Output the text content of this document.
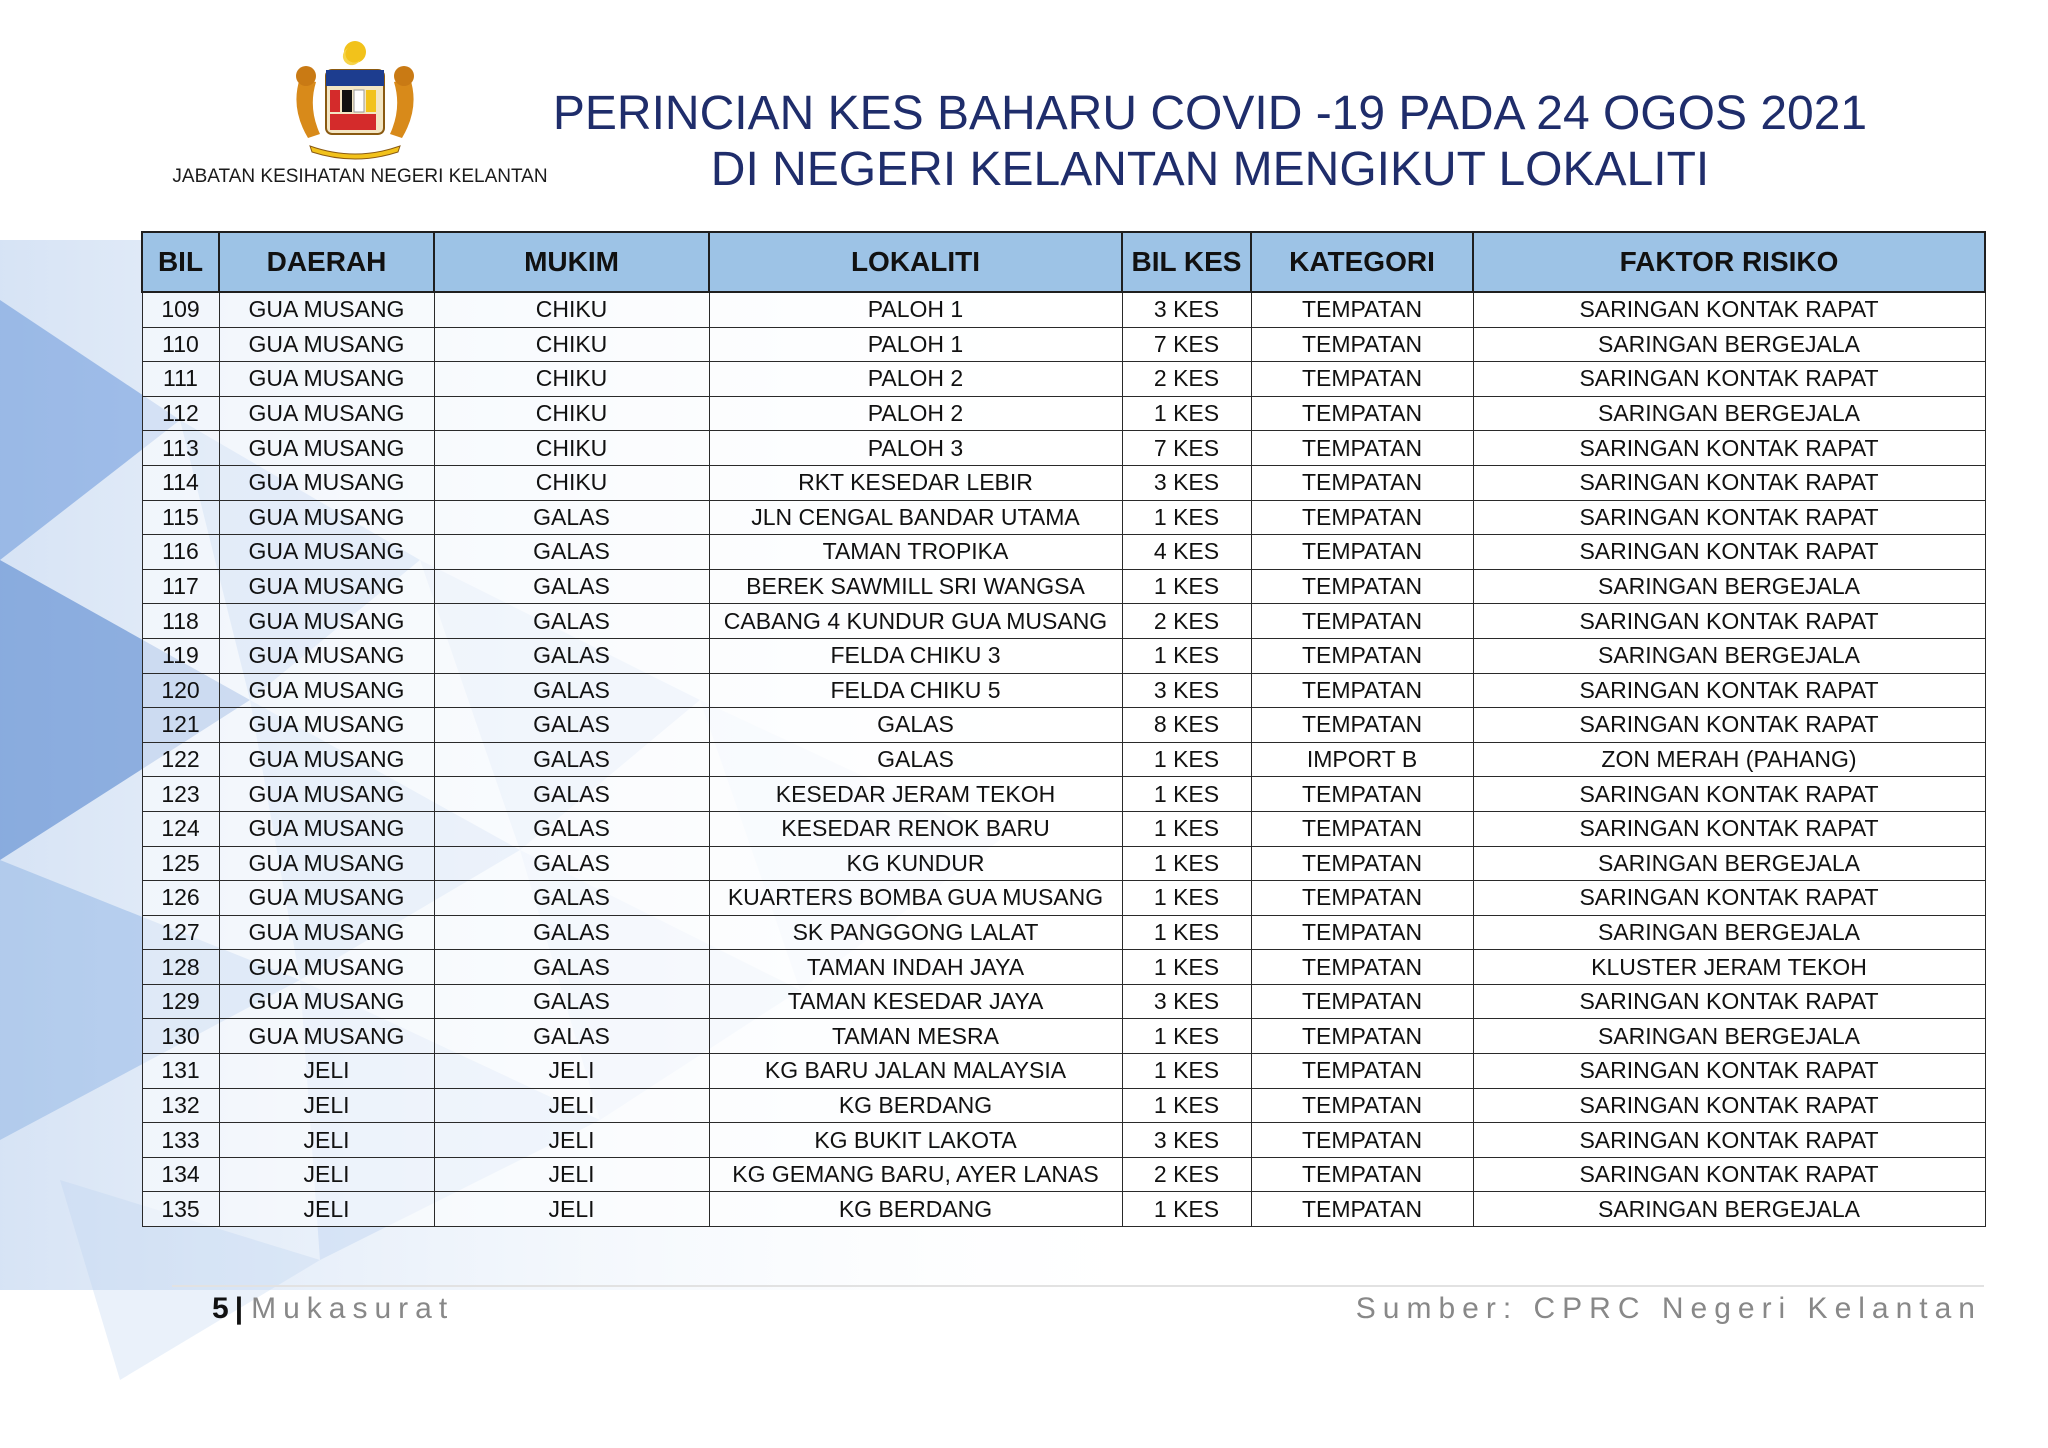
JABATAN KESIHATAN NEGERI KELANTAN
PERINCIAN KES BAHARU COVID -19 PADA 24 OGOS 2021
DI NEGERI KELANTAN MENGIKUT LOKALITI
BIL	DAERAH	MUKIM	LOKALITI	BIL KES	KATEGORI	FAKTOR RISIKO
109	GUA MUSANG	CHIKU	PALOH 1	3 KES	TEMPATAN	SARINGAN KONTAK RAPAT
110	GUA MUSANG	CHIKU	PALOH 1	7 KES	TEMPATAN	SARINGAN BERGEJALA
111	GUA MUSANG	CHIKU	PALOH 2	2 KES	TEMPATAN	SARINGAN KONTAK RAPAT
112	GUA MUSANG	CHIKU	PALOH 2	1 KES	TEMPATAN	SARINGAN BERGEJALA
113	GUA MUSANG	CHIKU	PALOH 3	7 KES	TEMPATAN	SARINGAN KONTAK RAPAT
114	GUA MUSANG	CHIKU	RKT KESEDAR LEBIR	3 KES	TEMPATAN	SARINGAN KONTAK RAPAT
115	GUA MUSANG	GALAS	JLN CENGAL BANDAR UTAMA	1 KES	TEMPATAN	SARINGAN KONTAK RAPAT
116	GUA MUSANG	GALAS	TAMAN TROPIKA	4 KES	TEMPATAN	SARINGAN KONTAK RAPAT
117	GUA MUSANG	GALAS	BEREK SAWMILL SRI WANGSA	1 KES	TEMPATAN	SARINGAN BERGEJALA
118	GUA MUSANG	GALAS	CABANG 4 KUNDUR GUA MUSANG	2 KES	TEMPATAN	SARINGAN KONTAK RAPAT
119	GUA MUSANG	GALAS	FELDA CHIKU 3	1 KES	TEMPATAN	SARINGAN BERGEJALA
120	GUA MUSANG	GALAS	FELDA CHIKU 5	3 KES	TEMPATAN	SARINGAN KONTAK RAPAT
121	GUA MUSANG	GALAS	GALAS	8 KES	TEMPATAN	SARINGAN KONTAK RAPAT
122	GUA MUSANG	GALAS	GALAS	1 KES	IMPORT B	ZON MERAH (PAHANG)
123	GUA MUSANG	GALAS	KESEDAR JERAM TEKOH	1 KES	TEMPATAN	SARINGAN KONTAK RAPAT
124	GUA MUSANG	GALAS	KESEDAR RENOK BARU	1 KES	TEMPATAN	SARINGAN KONTAK RAPAT
125	GUA MUSANG	GALAS	KG KUNDUR	1 KES	TEMPATAN	SARINGAN BERGEJALA
126	GUA MUSANG	GALAS	KUARTERS BOMBA GUA MUSANG	1 KES	TEMPATAN	SARINGAN KONTAK RAPAT
127	GUA MUSANG	GALAS	SK PANGGONG LALAT	1 KES	TEMPATAN	SARINGAN BERGEJALA
128	GUA MUSANG	GALAS	TAMAN INDAH JAYA	1 KES	TEMPATAN	KLUSTER JERAM TEKOH
129	GUA MUSANG	GALAS	TAMAN KESEDAR JAYA	3 KES	TEMPATAN	SARINGAN KONTAK RAPAT
130	GUA MUSANG	GALAS	TAMAN MESRA	1 KES	TEMPATAN	SARINGAN BERGEJALA
131	JELI	JELI	KG BARU JALAN MALAYSIA	1 KES	TEMPATAN	SARINGAN KONTAK RAPAT
132	JELI	JELI	KG BERDANG	1 KES	TEMPATAN	SARINGAN KONTAK RAPAT
133	JELI	JELI	KG BUKIT LAKOTA	3 KES	TEMPATAN	SARINGAN KONTAK RAPAT
134	JELI	JELI	KG GEMANG BARU, AYER LANAS	2 KES	TEMPATAN	SARINGAN KONTAK RAPAT
135	JELI	JELI	KG BERDANG	1 KES	TEMPATAN	SARINGAN BERGEJALA
5 | Mukasurat	Sumber: CPRC Negeri Kelantan
